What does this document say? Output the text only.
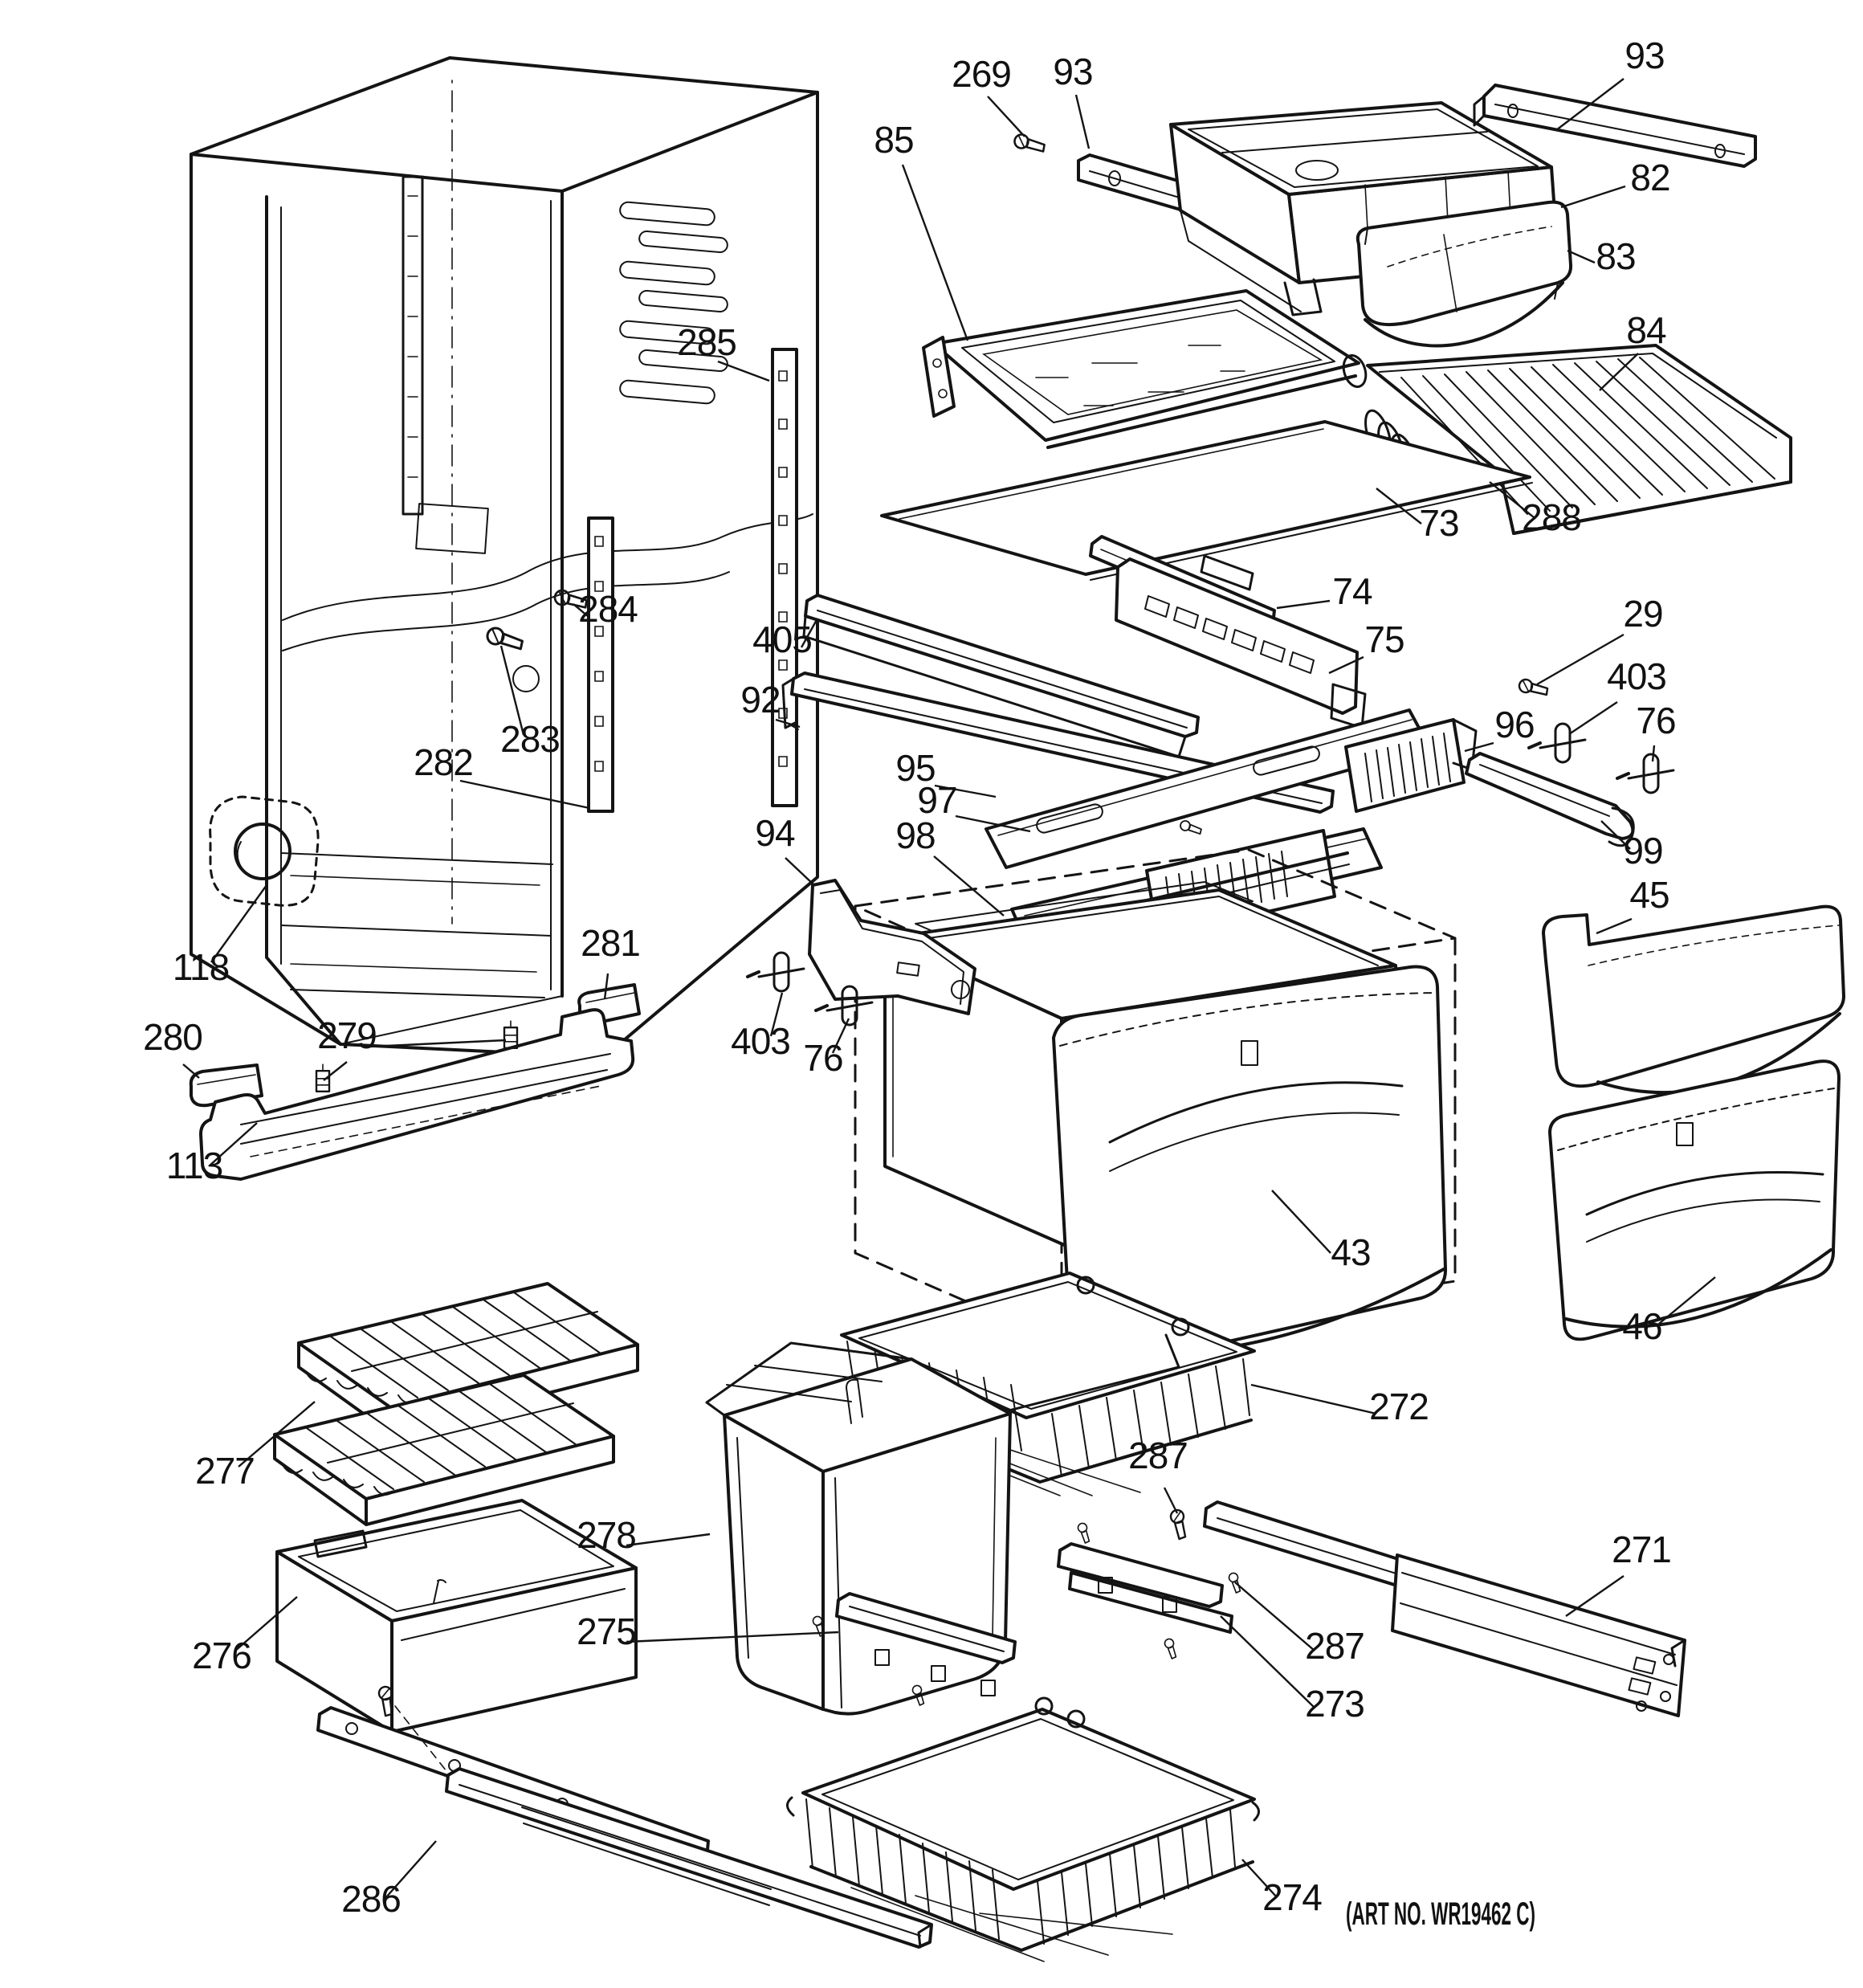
269 93	93
82
83
85
84
73 288
74
405	75
92
29
403
96	76
95
97
94	98	99
45
118
285
284
283
282
281
280	279
113
277
276
278
272
287
271
275	287
273
286	274
43
46
403 76
(ART NO. WR19462 C)
